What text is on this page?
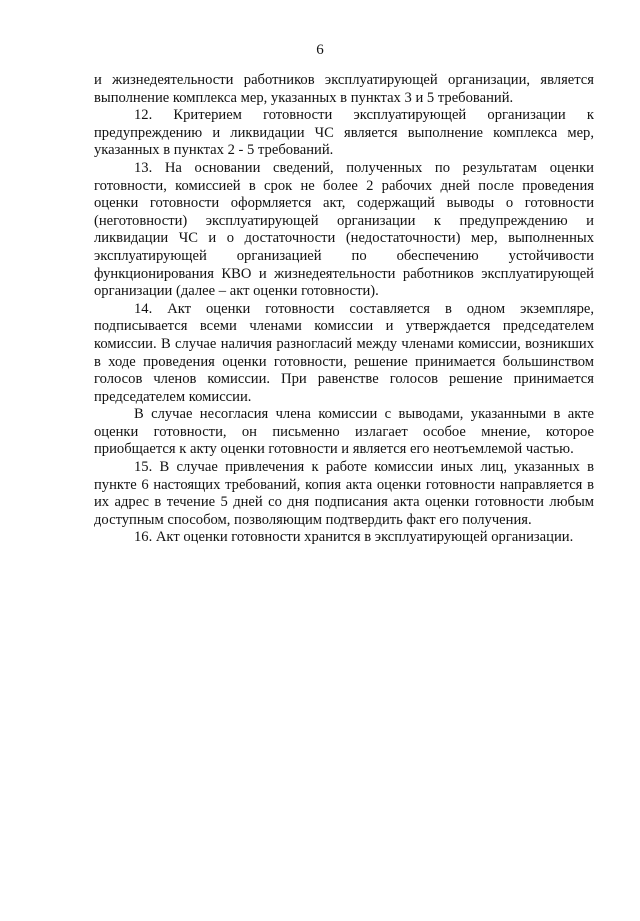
6

и жизнедеятельности работников эксплуатирующей организации, является выполнение комплекса мер, указанных в пунктах 3 и 5 требований.

12. Критерием готовности эксплуатирующей организации к предупреждению и ликвидации ЧС является выполнение комплекса мер, указанных в пунктах 2 - 5 требований.

13. На основании сведений, полученных по результатам оценки готовности, комиссией в срок не более 2 рабочих дней после проведения оценки готовности оформляется акт, содержащий выводы о готовности (неготовности) эксплуатирующей организации к предупреждению и ликвидации ЧС и о достаточности (недостаточности) мер, выполненных эксплуатирующей организацией по обеспечению устойчивости функционирования КВО и жизнедеятельности работников эксплуатирующей организации (далее – акт оценки готовности).

14. Акт оценки готовности составляется в одном экземпляре, подписывается всеми членами комиссии и утверждается председателем комиссии. В случае наличия разногласий между членами комиссии, возникших в ходе проведения оценки готовности, решение принимается большинством голосов членов комиссии. При равенстве голосов решение принимается председателем комиссии.

В случае несогласия члена комиссии с выводами, указанными в акте оценки готовности, он письменно излагает особое мнение, которое приобщается к акту оценки готовности и является его неотъемлемой частью.

15. В случае привлечения к работе комиссии иных лиц, указанных в пункте 6 настоящих требований, копия акта оценки готовности направляется в их адрес в течение 5 дней со дня подписания акта оценки готовности любым доступным способом, позволяющим подтвердить факт его получения.

16. Акт оценки готовности хранится в эксплуатирующей организации.
